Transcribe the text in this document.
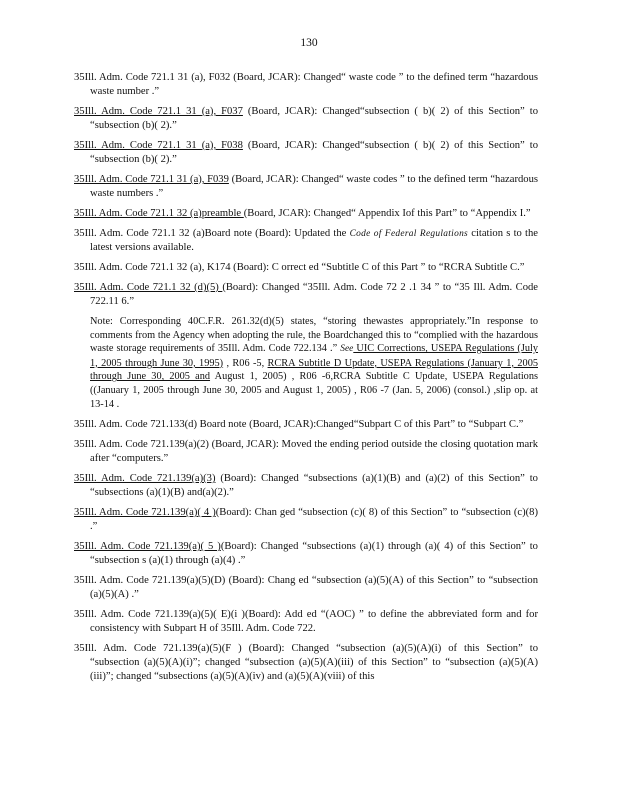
130

35Ill. Adm. Code 721.1 31 (a), F032 (Board, JCAR): Changed“ waste code ” to the defined term “hazardous waste number .”

35Ill. Adm. Code 721.1 31 (a), F037 (Board, JCAR): Changed“subsection ( b)( 2) of this Section” to “subsection (b)( 2).”

35Ill. Adm. Code 721.1 31 (a), F038 (Board, JCAR): Changed“subsection ( b)( 2) of this Section” to “subsection (b)( 2).”

35Ill. Adm. Code 721.1 31 (a), F039 (Board, JCAR): Changed“ waste codes ” to the defined term “hazardous waste numbers .”

35Ill. Adm. Code 721.1 32 (a)preamble (Board, JCAR): Changed“ Appendix Iof this Part” to “Appendix I.”

35Ill. Adm. Code 721.1 32 (a)Board note (Board): Updated the Code of Federal Regulations citation s to the latest versions available.

35Ill. Adm. Code 721.1 32 (a), K174 (Board): C orrect ed “Subtitle C of this Part ” to “RCRA Subtitle C.”

35Ill. Adm. Code 721.1 32 (d)(5) (Board): Changed “35Ill. Adm. Code 72 2 .1 34 ” to “35 Ill. Adm. Code 722.11 6.”

Note: Corresponding 40C.F.R. 261.32(d)(5) states, “storing thewastes appropriately.”In response to comments from the Agency when adopting the rule, the Boardchanged this to “complied with the hazardous waste storage requirements of 35Ill. Adm. Code 722.134 .” See UIC Corrections, USEPA Regulations (July 1, 2005 through June 30, 1995) , R06 -5, RCRA Subtitle D Update, USEPA Regulations (January 1, 2005 through June 30, 2005 and August 1, 2005) , R06 -6,RCRA Subtitle C Update, USEPA Regulations ((January 1, 2005 through June 30, 2005 and August 1, 2005) , R06 -7 (Jan. 5, 2006) (consol.) ,slip op. at 13-14 .

35Ill. Adm. Code 721.133(d) Board note (Board, JCAR):Changed“Subpart C of this Part” to “Subpart C.”

35Ill. Adm. Code 721.139(a)(2) (Board, JCAR): Moved the ending period outside the closing quotation mark after “computers.”

35Ill. Adm. Code 721.139(a)(3) (Board): Changed “subsections (a)(1)(B) and (a)(2) of this Section” to “subsections (a)(1)(B) and(a)(2).”

35Ill. Adm. Code 721.139(a)( 4 )(Board): Chan ged “subsection (c)( 8) of this Section” to “subsection (c)(8) .”

35Ill. Adm. Code 721.139(a)( 5 )(Board): Changed “subsections (a)(1) through (a)( 4) of this Section” to “subsection s (a)(1) through (a)(4) .”

35Ill. Adm. Code 721.139(a)(5)(D) (Board): Chang ed “subsection (a)(5)(A) of this Section” to “subsection (a)(5)(A) .”

35Ill. Adm. Code 721.139(a)(5)( E)(i )(Board): Add ed “(AOC) ” to define the abbreviated form and for consistency with Subpart H of 35Ill. Adm. Code 722.

35Ill. Adm. Code 721.139(a)(5)(F ) (Board): Changed “subsection (a)(5)(A)(i) of this Section” to “subsection (a)(5)(A)(i)”; changed “subsection (a)(5)(A)(iii) of this Section” to “subsection (a)(5)(A)(iii)”; changed “subsections (a)(5)(A)(iv) and (a)(5)(A)(viii) of this
